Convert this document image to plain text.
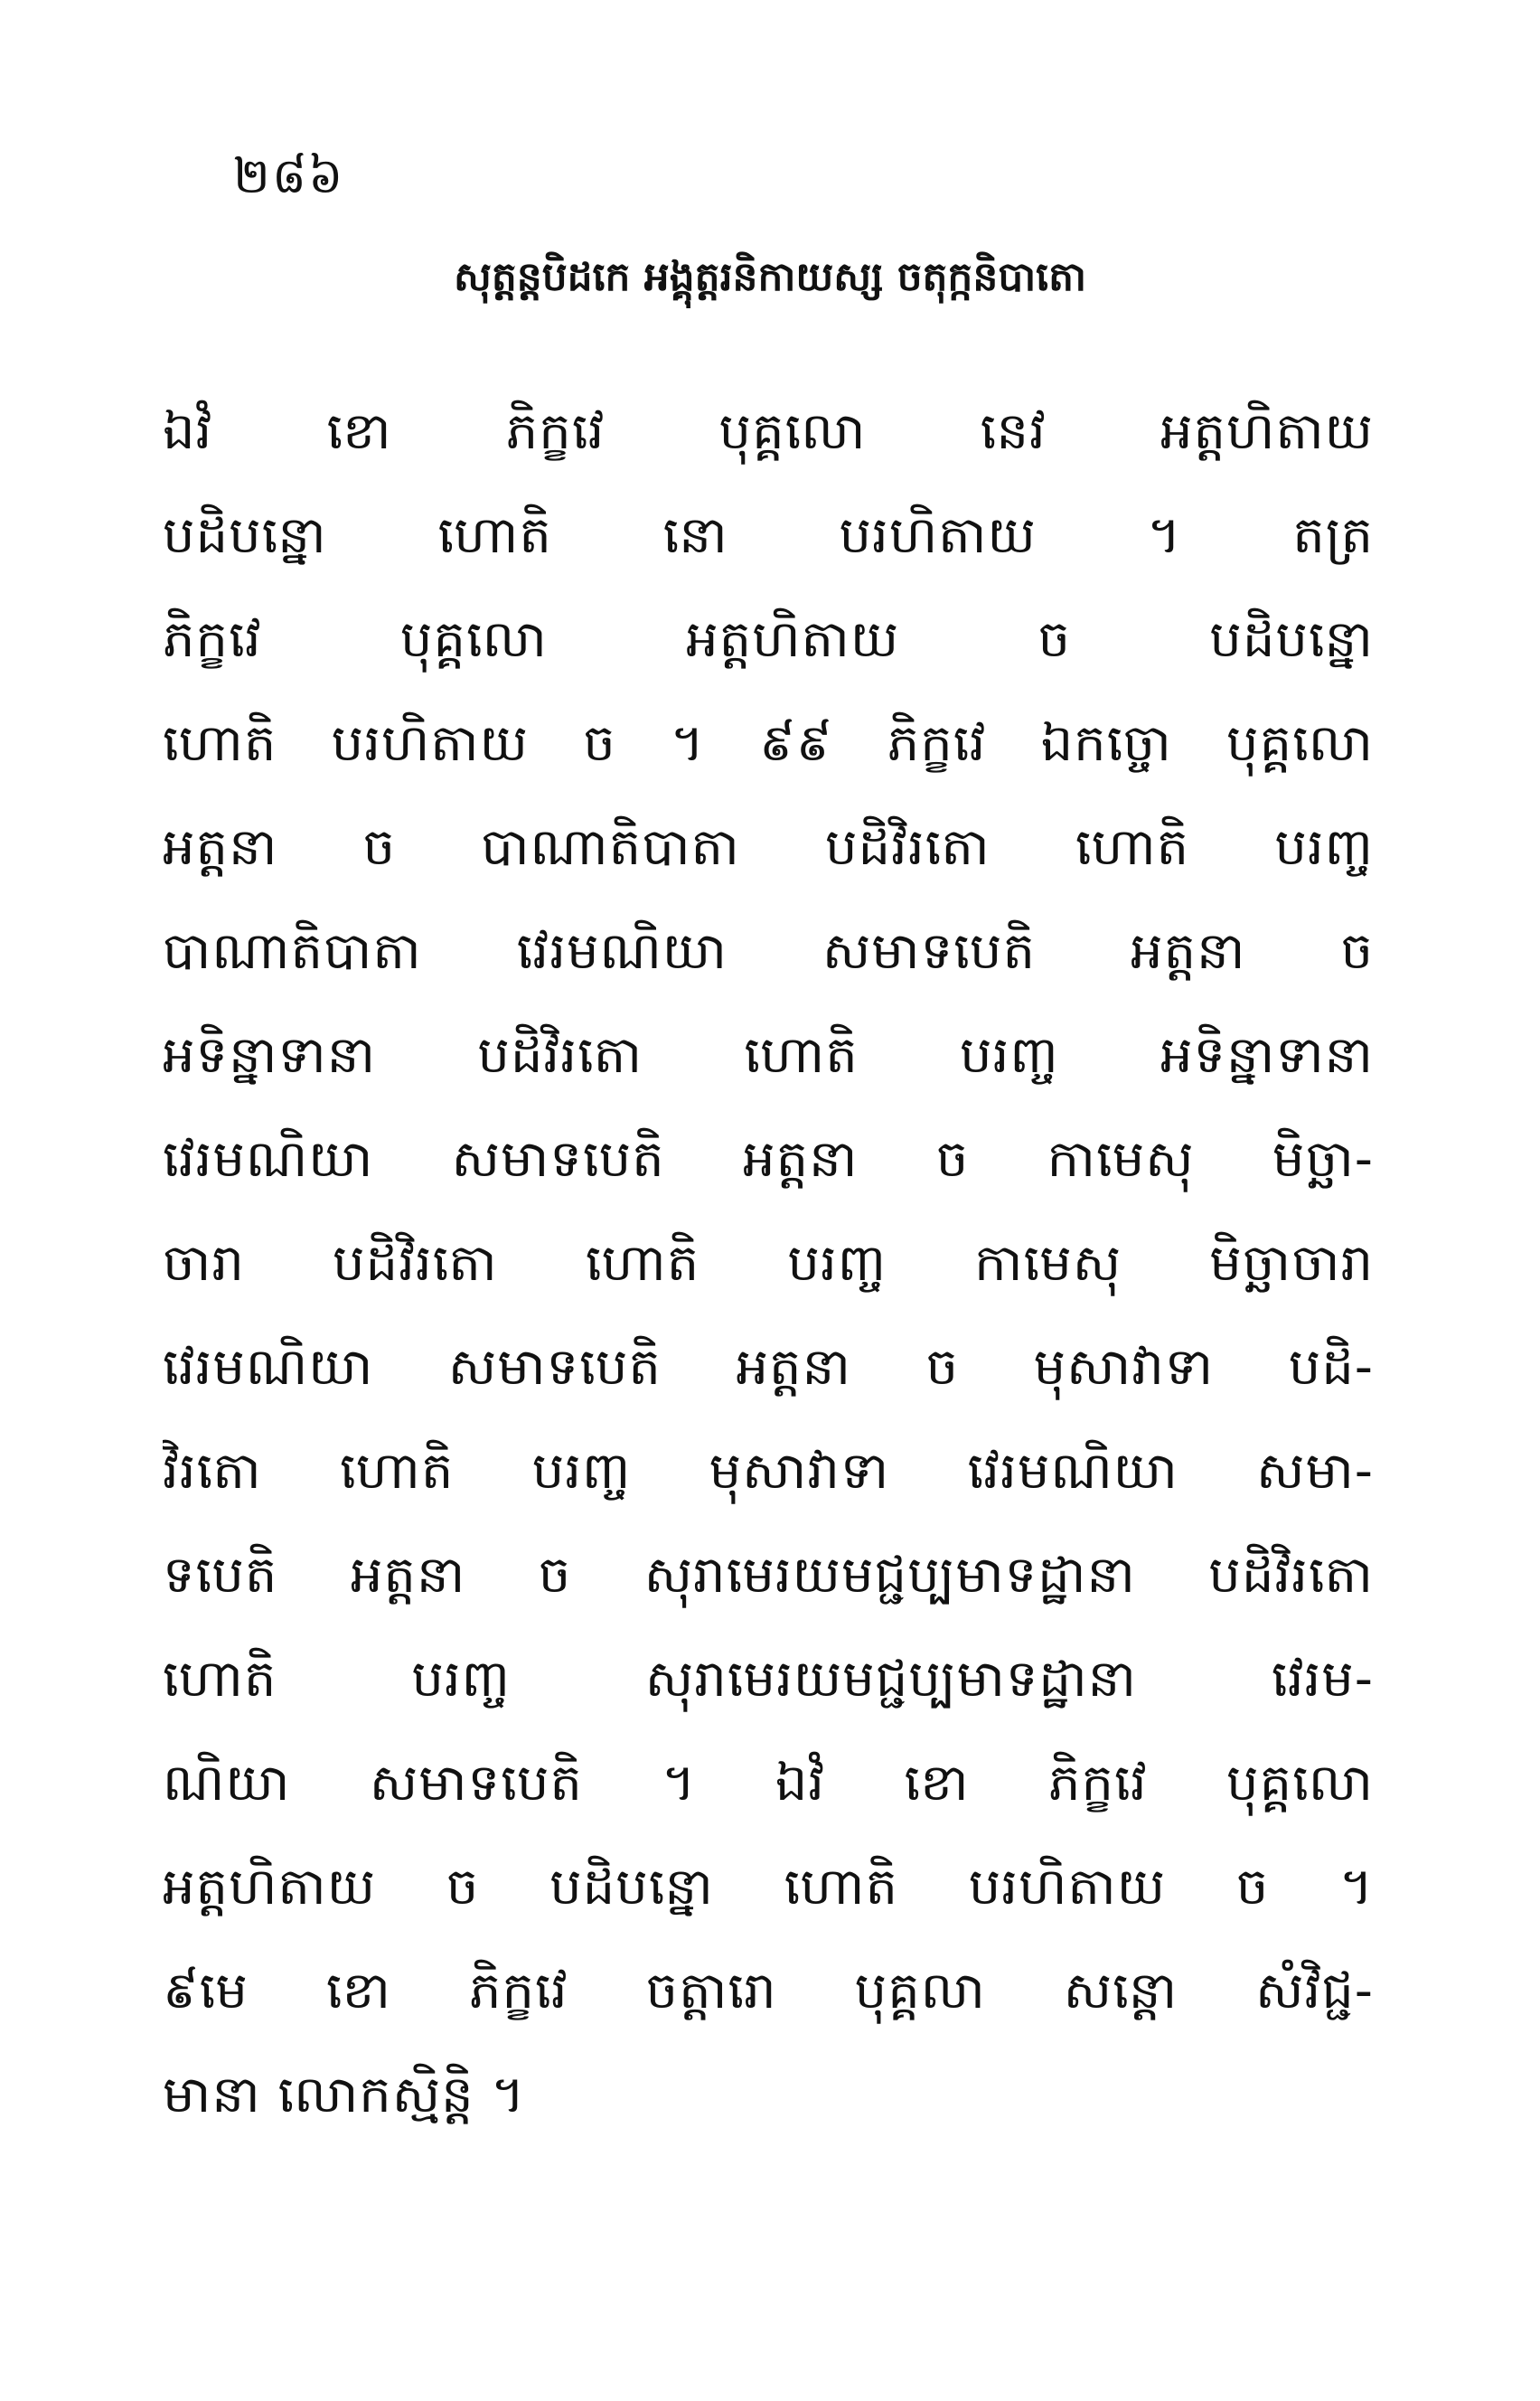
២៨៦
សុត្តន្តបិដកេ អង្គុត្តរនិកាយស្ស ចតុក្កនិបាតោ
ឯវំ ខោ ភិក្ខវេ បុគ្គលោ នេវ អត្តហិតាយ
បដិបន្នោ ហោតិ នោ បរហិតាយ ។ តត្រ
ភិក្ខវេ បុគ្គលោ អត្តហិតាយ ច បដិបន្នោ
ហោតិ បរហិតាយ ច ។ ៩៩ ភិក្ខវេ ឯកច្ចោ បុគ្គលោ
អត្តនា ច បាណាតិបាតា បដិវិរតោ ហោតិ បរញ្ច
បាណាតិបាតា វេរមណិយា សមាទបេតិ អត្តនា ច
អទិន្នាទានា បដិវិរតោ ហោតិ បរញ្ច អទិន្នាទានា
វេរមណិយា សមាទបេតិ អត្តនា ច កាមេសុ មិច្ឆា-
ចារា បដិវិរតោ ហោតិ បរញ្ច កាមេសុ មិច្ឆាចារា
វេរមណិយា សមាទបេតិ អត្តនា ច មុសាវាទា បដិ-
វិរតោ ហោតិ បរញ្ច មុសាវាទា វេរមណិយា សមា-
ទបេតិ អត្តនា ច សុរាមេរយមជ្ជប្បមាទដ្ឋានា បដិវិរតោ
ហោតិ បរញ្ច សុរាមេរយមជ្ជប្បមាទដ្ឋានា វេរម-
ណិយា សមាទបេតិ ។ ឯវំ ខោ ភិក្ខវេ បុគ្គលោ
អត្តហិតាយ ច បដិបន្នោ ហោតិ បរហិតាយ ច ។
៩មេ ខោ ភិក្ខវេ ចត្តារោ បុគ្គលា សន្តោ សំវិជ្ជ-
មានា លោកស្មិន្តិ ។
